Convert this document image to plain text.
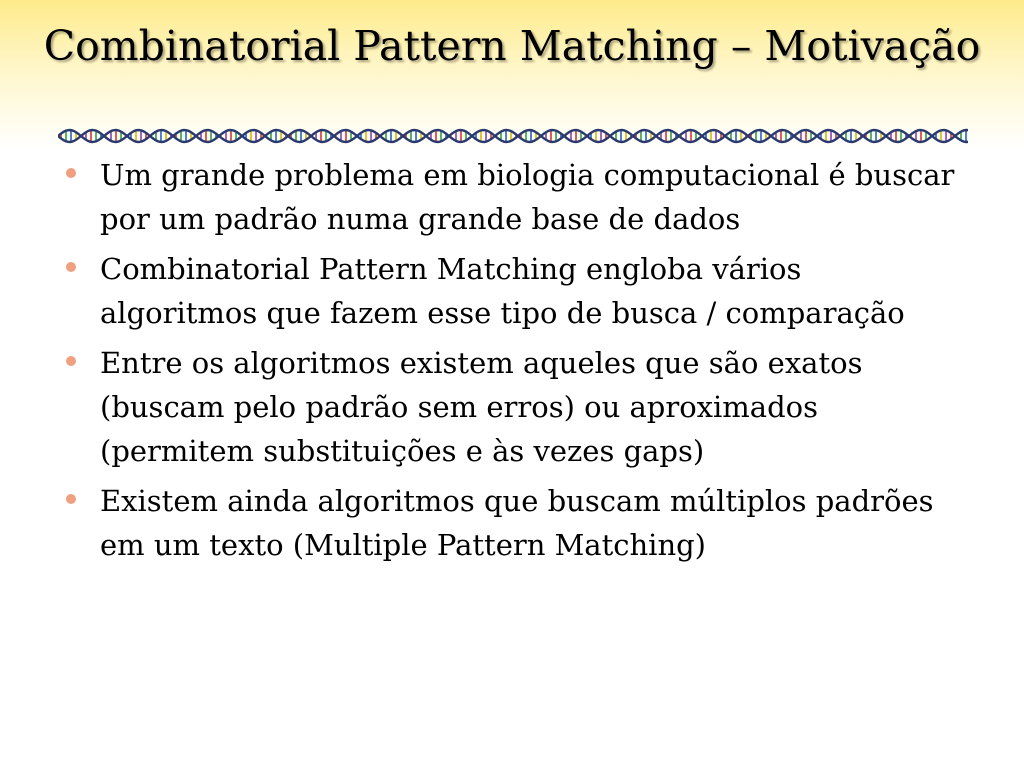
Combinatorial Pattern Matching – Motivação
Um grande problema em biologia computacional é buscar por um padrão numa grande base de dados
Combinatorial Pattern Matching engloba vários algoritmos que fazem esse tipo de busca / comparação
Entre os algoritmos existem aqueles que são exatos (buscam pelo padrão sem erros) ou aproximados (permitem substituições e às vezes gaps)
Existem ainda algoritmos que buscam múltiplos padrões em um texto (Multiple Pattern Matching)
